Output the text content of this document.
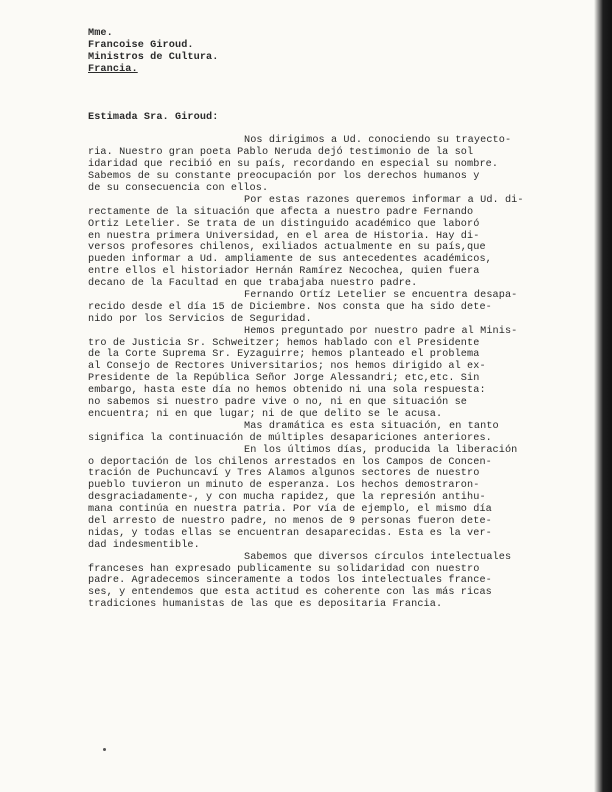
Mme.
Francoise Giroud.
Ministros de Cultura.
Francia.
Estimada Sra. Giroud:
Nos dirigimos a Ud. conociendo su trayecto-
ria. Nuestro gran poeta Pablo Neruda dejó testimonio de la sol
idaridad que recibió en su país, recordando en especial su nombre.
Sabemos de su constante preocupación por los derechos humanos y
de su consecuencia con ellos.
Por estas razones queremos informar a Ud. di-
rectamente de la situación que afecta a nuestro padre Fernando
Ortiz Letelier. Se trata de un distinguido académico que laboró
en nuestra primera Universidad, en el area de Historia. Hay di-
versos profesores chilenos, exiliados actualmente en su país,que
pueden informar a Ud. ampliamente de sus antecedentes académicos,
entre ellos el historiador Hernán Ramírez Necochea, quien fuera
decano de la Facultad en que trabajaba nuestro padre.
Fernando Ortíz Letelier se encuentra desapa-
recido desde el día 15 de Diciembre. Nos consta que ha sido dete-
nido por los Servicios de Seguridad.
Hemos preguntado por nuestro padre al Minis-
tro de Justicia Sr. Schweitzer; hemos hablado con el Presidente
de la Corte Suprema Sr. Eyzaguirre; hemos planteado el problema
al Consejo de Rectores Universitarios; nos hemos dirigido al ex-
Presidente de la República Señor Jorge Alessandri; etc,etc. Sin
embargo, hasta este día no hemos obtenido ni una sola respuesta:
no sabemos si nuestro padre vive o no, ni en que situación se
encuentra; ni en que lugar; ni de que delito se le acusa.
Mas dramática es esta situación, en tanto
significa la continuación de múltiples desapariciones anteriores.
En los últimos días, producida la liberación
o deportación de los chilenos arrestados en los Campos de Concen-
tración de Puchuncaví y Tres Alamos algunos sectores de nuestro
pueblo tuvieron un minuto de esperanza. Los hechos demostraron-
desgraciadamente-, y con mucha rapidez, que la represión antihu-
mana continúa en nuestra patria. Por vía de ejemplo, el mismo día
del arresto de nuestro padre, no menos de 9 personas fueron dete-
nidas, y todas ellas se encuentran desaparecidas. Esta es la ver-
dad indesmentible.
Sabemos que diversos círculos intelectuales
franceses han expresado publicamente su solidaridad con nuestro
padre. Agradecemos sinceramente a todos los intelectuales france-
ses, y entendemos que esta actitud es coherente con las más ricas
tradiciones humanistas de las que es depositaria Francia.
